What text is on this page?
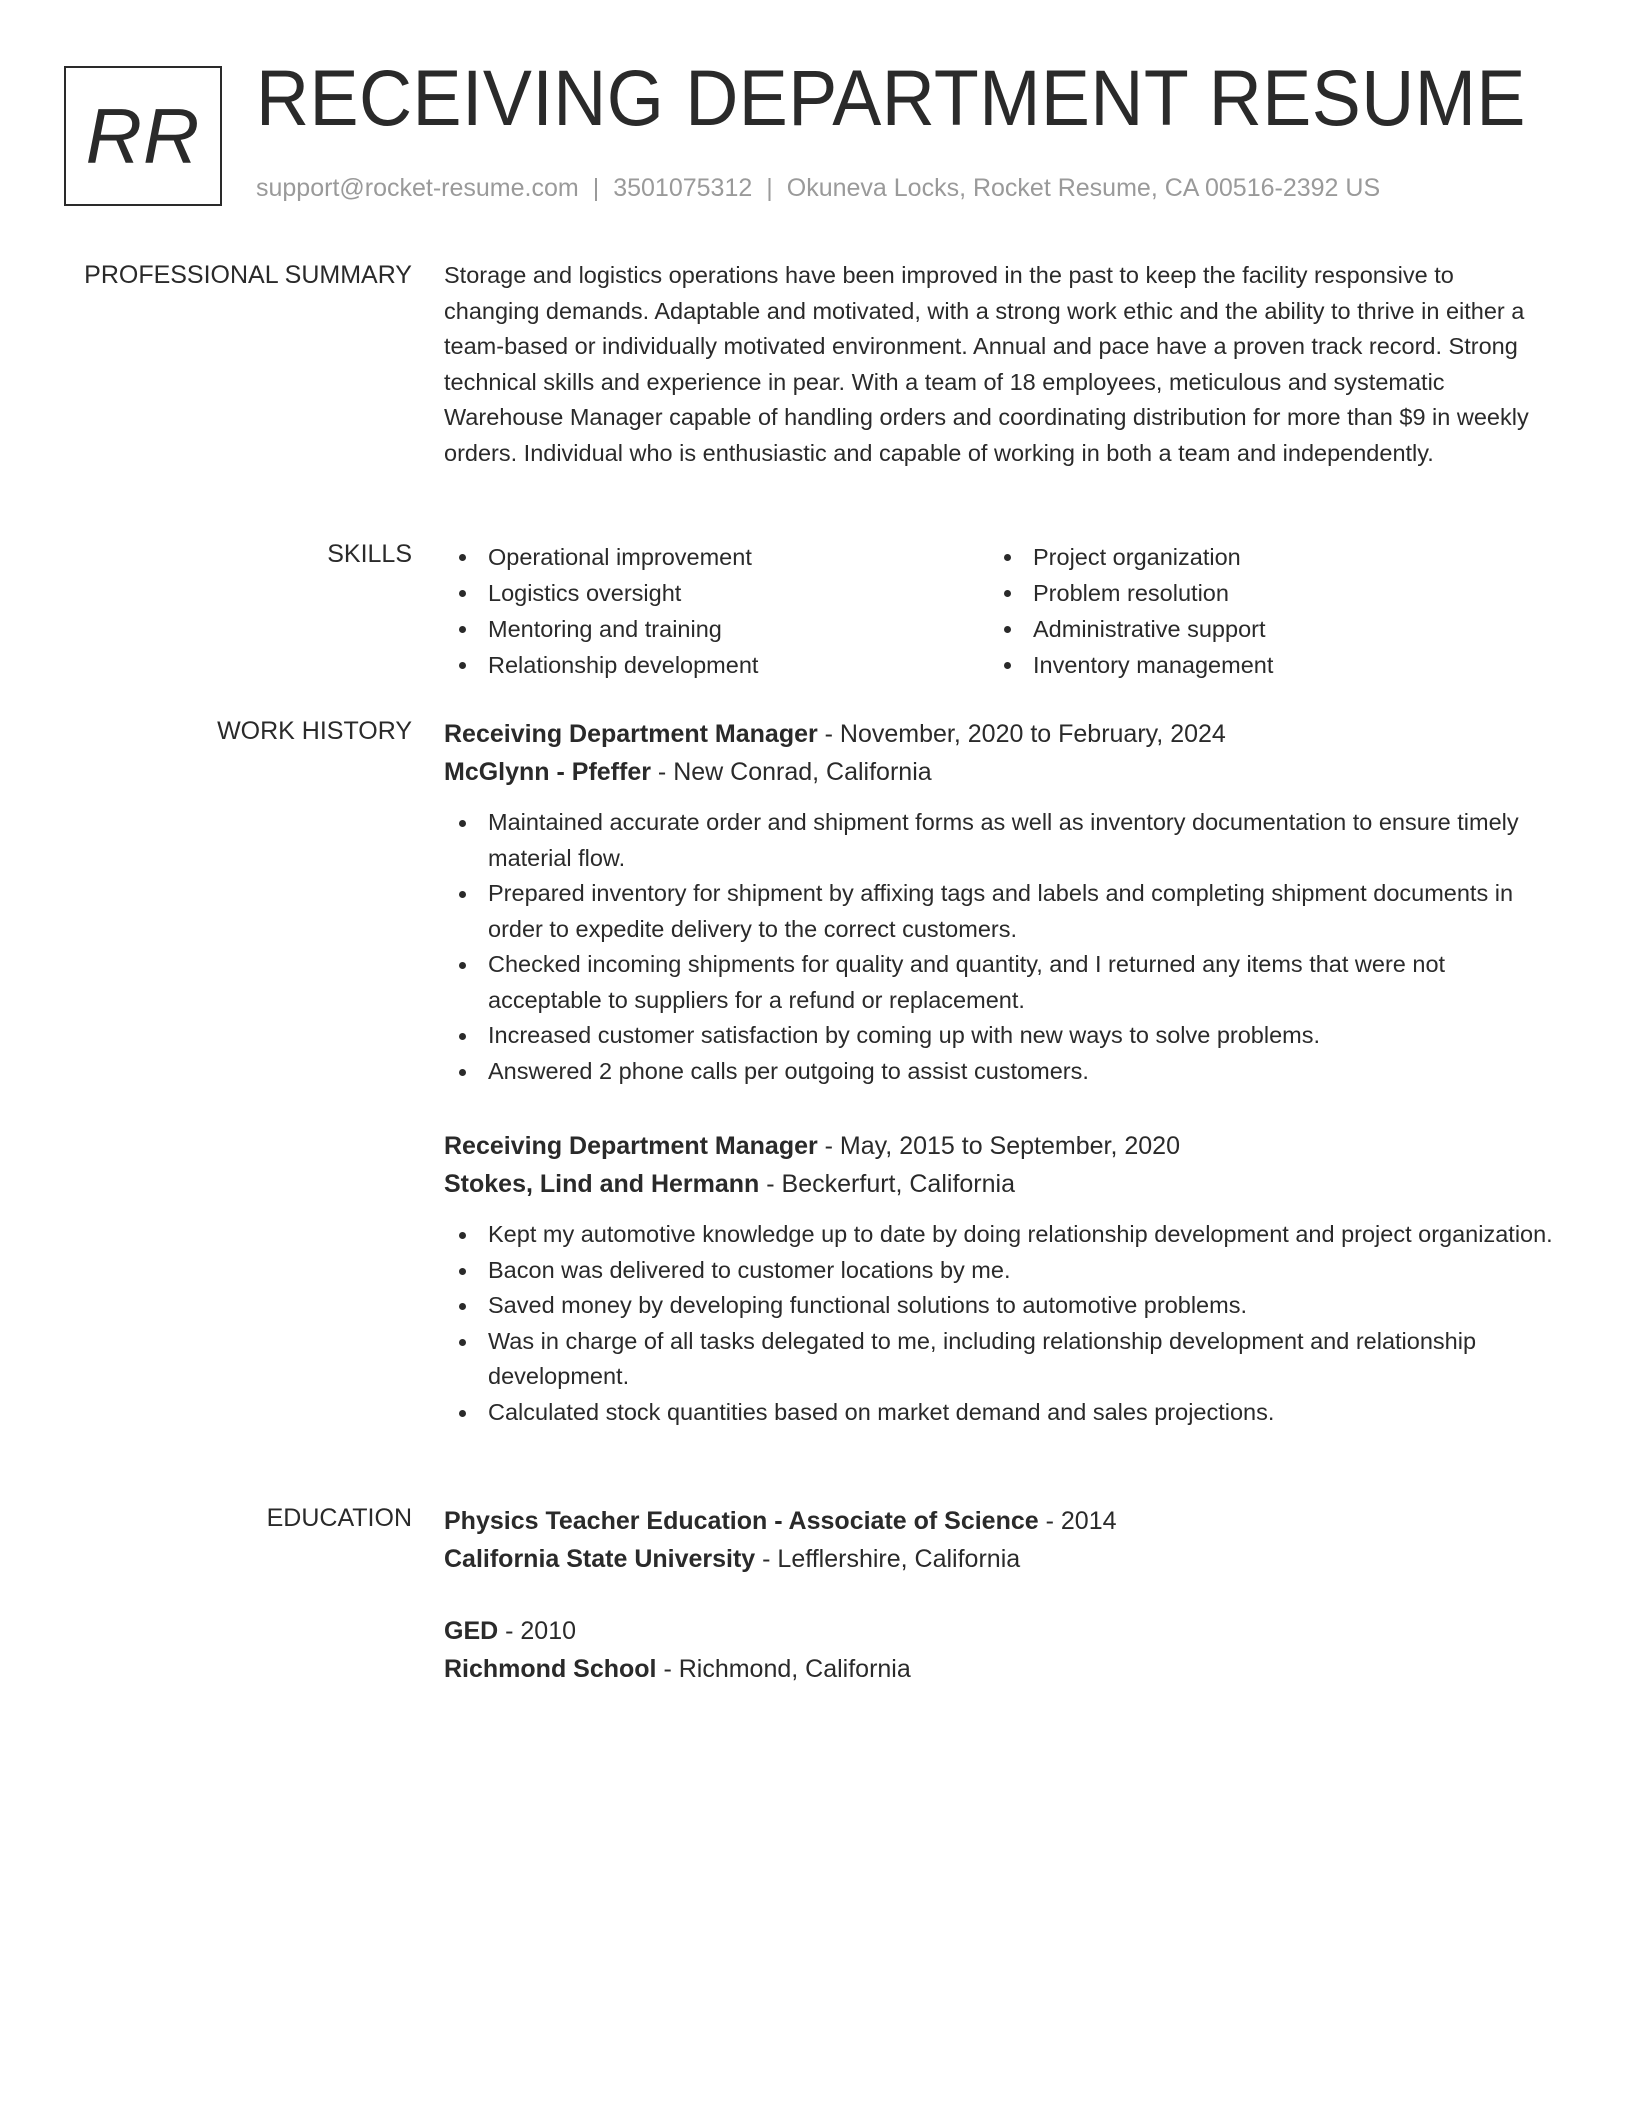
RR RECEIVING DEPARTMENT RESUME
support@rocket-resume.com | 3501075312 | Okuneva Locks, Rocket Resume, CA 00516-2392 US
PROFESSIONAL SUMMARY Storage and logistics operations have been improved in the past to keep the facility responsive to changing demands. Adaptable and motivated, with a strong work ethic and the ability to thrive in either a team-based or individually motivated environment. Annual and pace have a proven track record. Strong technical skills and experience in pear. With a team of 18 employees, meticulous and systematic Warehouse Manager capable of handling orders and coordinating distribution for more than $9 in weekly orders. Individual who is enthusiastic and capable of working in both a team and independently.

SKILLS	Operational improvement
Logistics oversight
Mentoring and training
Relationship development
Project organization
Problem resolution
Administrative support
Inventory management
WORK HISTORY Receiving Department Manager - November, 2020 to February, 2024
McGlynn - Pfeffer - New Conrad, California
Maintained accurate order and shipment forms as well as inventory documentation to ensure timely material flow.
Prepared inventory for shipment by affixing tags and labels and completing shipment documents in order to expedite delivery to the correct customers.
Checked incoming shipments for quality and quantity, and I returned any items that were not acceptable to suppliers for a refund or replacement.
Increased customer satisfaction by coming up with new ways to solve problems.
Answered 2 phone calls per outgoing to assist customers.
Receiving Department Manager - May, 2015 to September, 2020
Stokes, Lind and Hermann - Beckerfurt, California
Kept my automotive knowledge up to date by doing relationship development and project organization.
Bacon was delivered to customer locations by me.
Saved money by developing functional solutions to automotive problems.
Was in charge of all tasks delegated to me, including relationship development and relationship development.
Calculated stock quantities based on market demand and sales projections.
EDUCATION Physics Teacher Education - Associate of Science - 2014
California State University - Lefflershire, California
GED - 2010
Richmond School - Richmond, California
